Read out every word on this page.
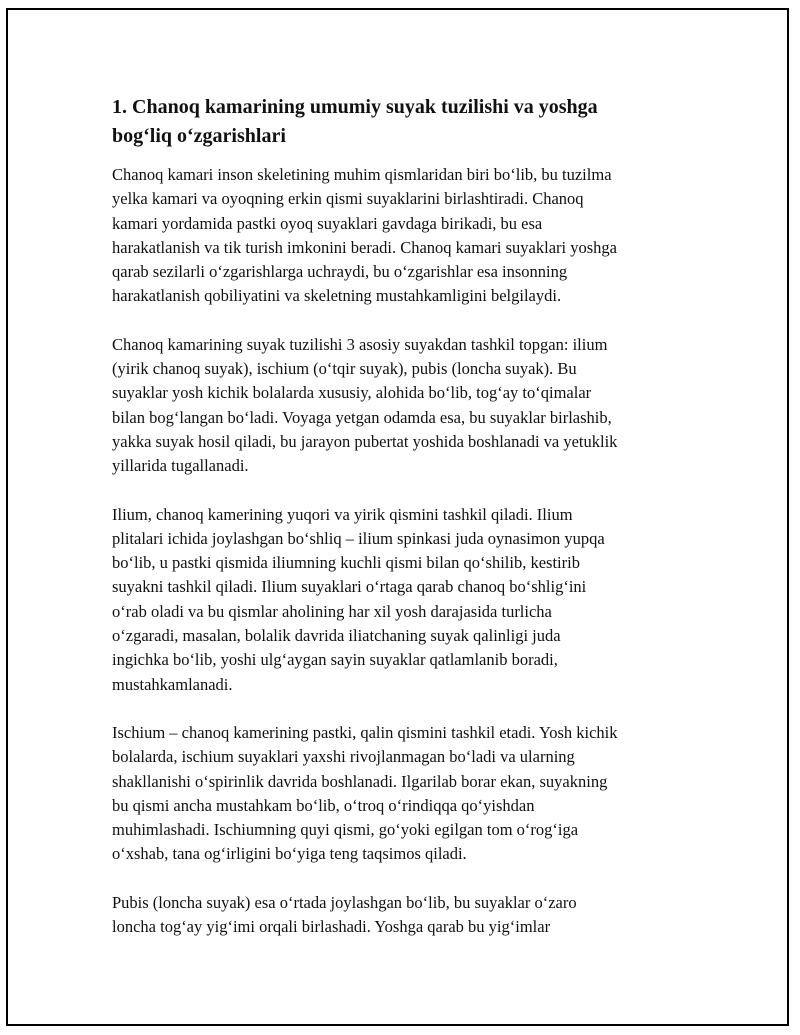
1. Chanoq kamarining umumiy suyak tuzilishi va yoshga
bog‘liq o‘zgarishlari

Chanoq kamari inson skeletining muhim qismlaridan biri bo‘lib, bu tuzilma
yelka kamari va oyoqning erkin qismi suyaklarini birlashtiradi. Chanoq
kamari yordamida pastki oyoq suyaklari gavdaga birikadi, bu esa
harakatlanish va tik turish imkonini beradi. Chanoq kamari suyaklari yoshga
qarab sezilarli o‘zgarishlarga uchraydi, bu o‘zgarishlar esa insonning
harakatlanish qobiliyatini va skeletning mustahkamligini belgilaydi.

Chanoq kamarining suyak tuzilishi 3 asosiy suyakdan tashkil topgan: ilium
(yirik chanoq suyak), ischium (o‘tqir suyak), pubis (loncha suyak). Bu
suyaklar yosh kichik bolalarda xususiy, alohida bo‘lib, tog‘ay to‘qimalar
bilan bog‘langan bo‘ladi. Voyaga yetgan odamda esa, bu suyaklar birlashib,
yakka suyak hosil qiladi, bu jarayon pubertat yoshida boshlanadi va yetuklik
yillarida tugallanadi.

Ilium, chanoq kamerining yuqori va yirik qismini tashkil qiladi. Ilium
plitalari ichida joylashgan bo‘shliq – ilium spinkasi juda oynasimon yupqa
bo‘lib, u pastki qismida iliumning kuchli qismi bilan qo‘shilib, kestirib
suyakni tashkil qiladi. Ilium suyaklari o‘rtaga qarab chanoq bo‘shlig‘ini
o‘rab oladi va bu qismlar aholining har xil yosh darajasida turlicha
o‘zgaradi, masalan, bolalik davrida iliatchaning suyak qalinligi juda
ingichka bo‘lib, yoshi ulg‘aygan sayin suyaklar qatlamlanib boradi,
mustahkamlanadi.

Ischium – chanoq kamerining pastki, qalin qismini tashkil etadi. Yosh kichik
bolalarda, ischium suyaklari yaxshi rivojlanmagan bo‘ladi va ularning
shakllanishi o‘spirinlik davrida boshlanadi. Ilgarilab borar ekan, suyakning
bu qismi ancha mustahkam bo‘lib, o‘troq o‘rindiqqa qo‘yishdan
muhimlashadi. Ischiumning quyi qismi, go‘yoki egilgan tom o‘rog‘iga
o‘xshab, tana og‘irligini bo‘yiga teng taqsimos qiladi.

Pubis (loncha suyak) esa o‘rtada joylashgan bo‘lib, bu suyaklar o‘zaro
loncha tog‘ay yig‘imi orqali birlashadi. Yoshga qarab bu yig‘imlar
